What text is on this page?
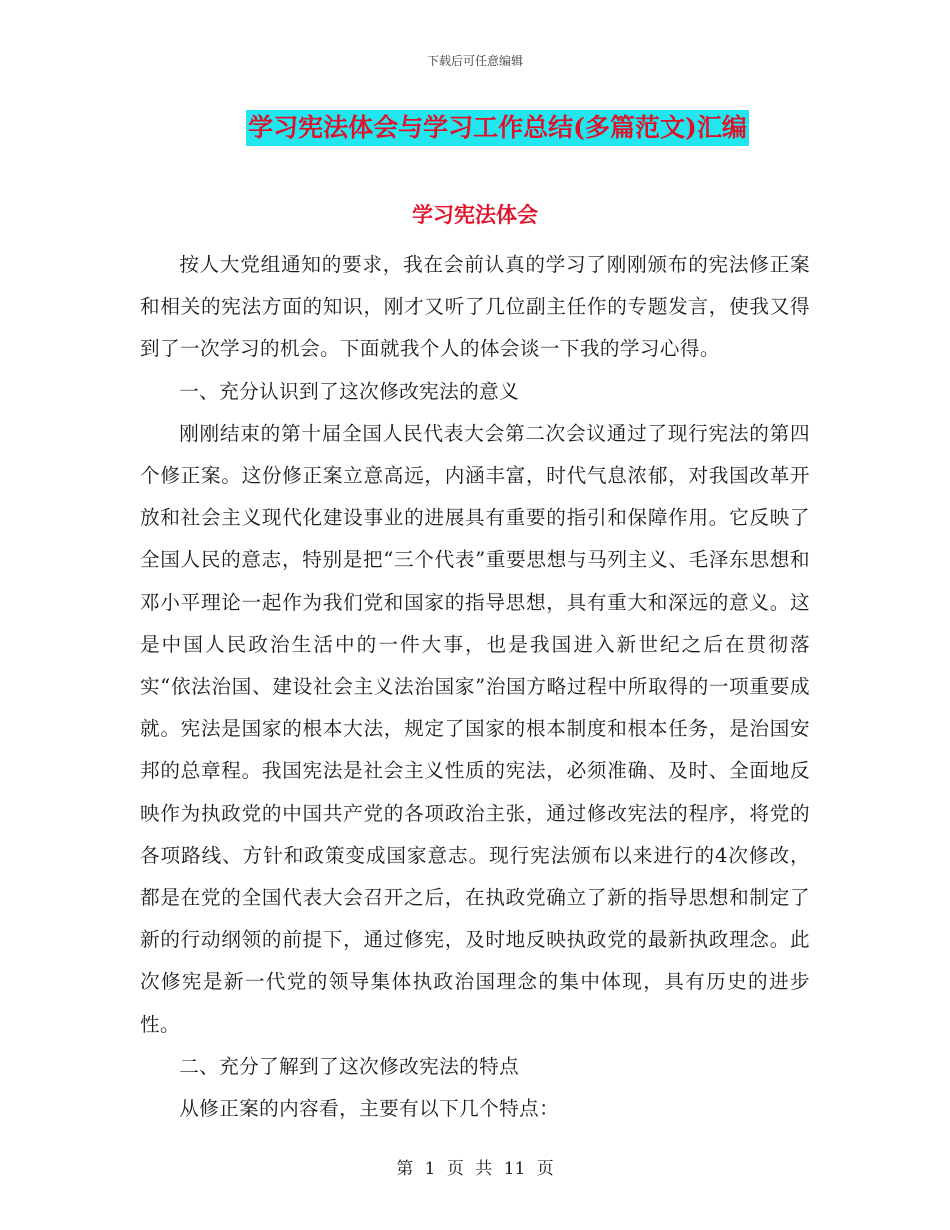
下载后可任意编辑
学习宪法体会与学习工作总结(多篇范文)汇编
学习宪法体会

按人大党组通知的要求，我在会前认真的学习了刚刚颁布的宪法修正案和相关的宪法方面的知识，刚才又听了几位副主任作的专题发言，使我又得到了一次学习的机会。下面就我个人的体会谈一下我的学习心得。

一、充分认识到了这次修改宪法的意义

刚刚结束的第十届全国人民代表大会第二次会议通过了现行宪法的第四个修正案。这份修正案立意高远，内涵丰富，时代气息浓郁，对我国改革开放和社会主义现代化建设事业的进展具有重要的指引和保障作用。它反映了全国人民的意志，特别是把“三个代表”重要思想与马列主义、毛泽东思想和邓小平理论一起作为我们党和国家的指导思想，具有重大和深远的意义。这是中国人民政治生活中的一件大事，也是我国进入新世纪之后在贯彻落实“依法治国、建设社会主义法治国家”治国方略过程中所取得的一项重要成就。宪法是国家的根本大法，规定了国家的根本制度和根本任务，是治国安邦的总章程。我国宪法是社会主义性质的宪法，必须准确、及时、全面地反映作为执政党的中国共产党的各项政治主张，通过修改宪法的程序，将党的各项路线、方针和政策变成国家意志。现行宪法颁布以来进行的4次修改，都是在党的全国代表大会召开之后，在执政党确立了新的指导思想和制定了新的行动纲领的前提下，通过修宪，及时地反映执政党的最新执政理念。此次修宪是新一代党的领导集体执政治国理念的集中体现，具有历史的进步性。

二、充分了解到了这次修改宪法的特点

从修正案的内容看，主要有以下几个特点：

第 1 页 共 11 页
